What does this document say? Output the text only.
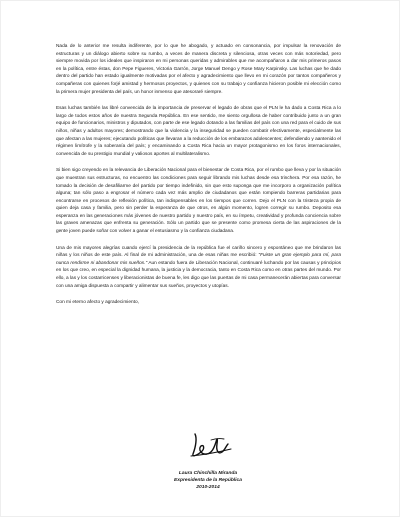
Nada de lo anterior me resulta indiferente, por lo que he abogado, y actuado en consonancia, por impulsar la renovación de estructuras y un diálogo abierto sobre su rumbo, a veces de manera discreta y silenciosa, otras veces con más notoriedad, pero siempre movida por los ideales que inspiraron en mi personas queridas y admirables que me acompañaron a dar mis primeros pasos en la política, entre éstas, don Pepe Figueres, Victoria Garrón, Jorge Manuel Dengo y Rose Mary Karpinsky. Las luchas que he dado dentro del partido han estado igualmente motivadas por el afecto y agradecimiento que llevo en mi corazón por tantos compañeros y compañeras con quienes forjé amistad y hermosos proyectos, y quienes con su trabajo y confianza hicieron posible mi elección como la primera mujer presidenta del país, un honor inmenso que atesoraré siempre.

Esas luchas también las libré convencida de la importancia de preservar el legado de obras que el PLN le ha dado a Costa Rica a lo largo de todos estos años de nuestra Segunda República. En ese sentido, me siento orgullosa de haber contribuido junto a un gran equipo de funcionarios, ministros y diputados, con parte de ese legado dotando a las familias del país con una red para el cuido de sus niños, niñas y adultos mayores; demostrando que la violencia y la inseguridad se pueden combatir efectivamente, especialmente las que afectan a las mujeres; ejecutando políticas que llevaran a la reducción de los embarazos adolescentes; defendiendo y aantenido el régimen limítrofe y la soberanía del país; y encaminando a Costa Rica hacia un mayor protagonismo en los foros internacionales, convencida de su prestigio mundial y valiosos aportes al multilateralismo.

Si bien sigo creyendo en la relevancia de Liberación Nacional para el bienestar de Costa Rica, por el rumbo que lleva y por la situación que muestran sus estructuras, no encuentro las condiciones para seguir librando mis luchas desde esa trinchera. Por esa razón, he tomado la decisión de desafiliarme del partido por tiempo indefinido, sin que esto suponga que me incorporo a organización política alguna; tan sólo paso a engrosar el número cada vez más amplio de ciudadanos que están rompiendo barreras partidarias para encontrarse en procesos de reflexión política, tan indispensables en los tiempos que corren. Dejo el PLN con la tristeza propia de quien deja casa y familia, pero sin perder la esperanza de que otros, en algún momento, logren corregir su rumbo. Deposito esa esperanza en las generaciones más jóvenes de nuestro partido y nuestro país, en su ímpetu, creatividad y profunda conciencia sobre las graves amenazas que enfrenta su generación. Sólo un partido que se presente como promesa cierta de las aspiraciones de la gente joven puede soñar con volver a ganar el entusiasmo y la confianza ciudadana.

Una de mis mayores alegrías cuando ejercí la presidencia de la república fue el cariño sincero y espontáneo que me brindaron las niñas y los niños de este país. Al final de mi administración, una de esas niñas me escribió: "Fuiste un gran ejemplo para mí, para nunca rendirme ni abandonar mis sueños." Aun estando fuera de Liberación Nacional, continuaré luchando por las causas y principios en los que creo, en especial la dignidad humana, la justicia y la democracia, tanto en Costa Rica como en otras partes del mundo. Por ello, a las y los costarricenses y liberacionistas de buena fe, les digo que las puertas de mi casa permanecerán abiertas para conversar con una amiga dispuesta a compartir y alimentar sus sueños, proyectos y utopías.

Con mi eterno afecto y agradecimiento,

Laura Chinchilla Miranda
Expresidenta de la República
2010-2014
